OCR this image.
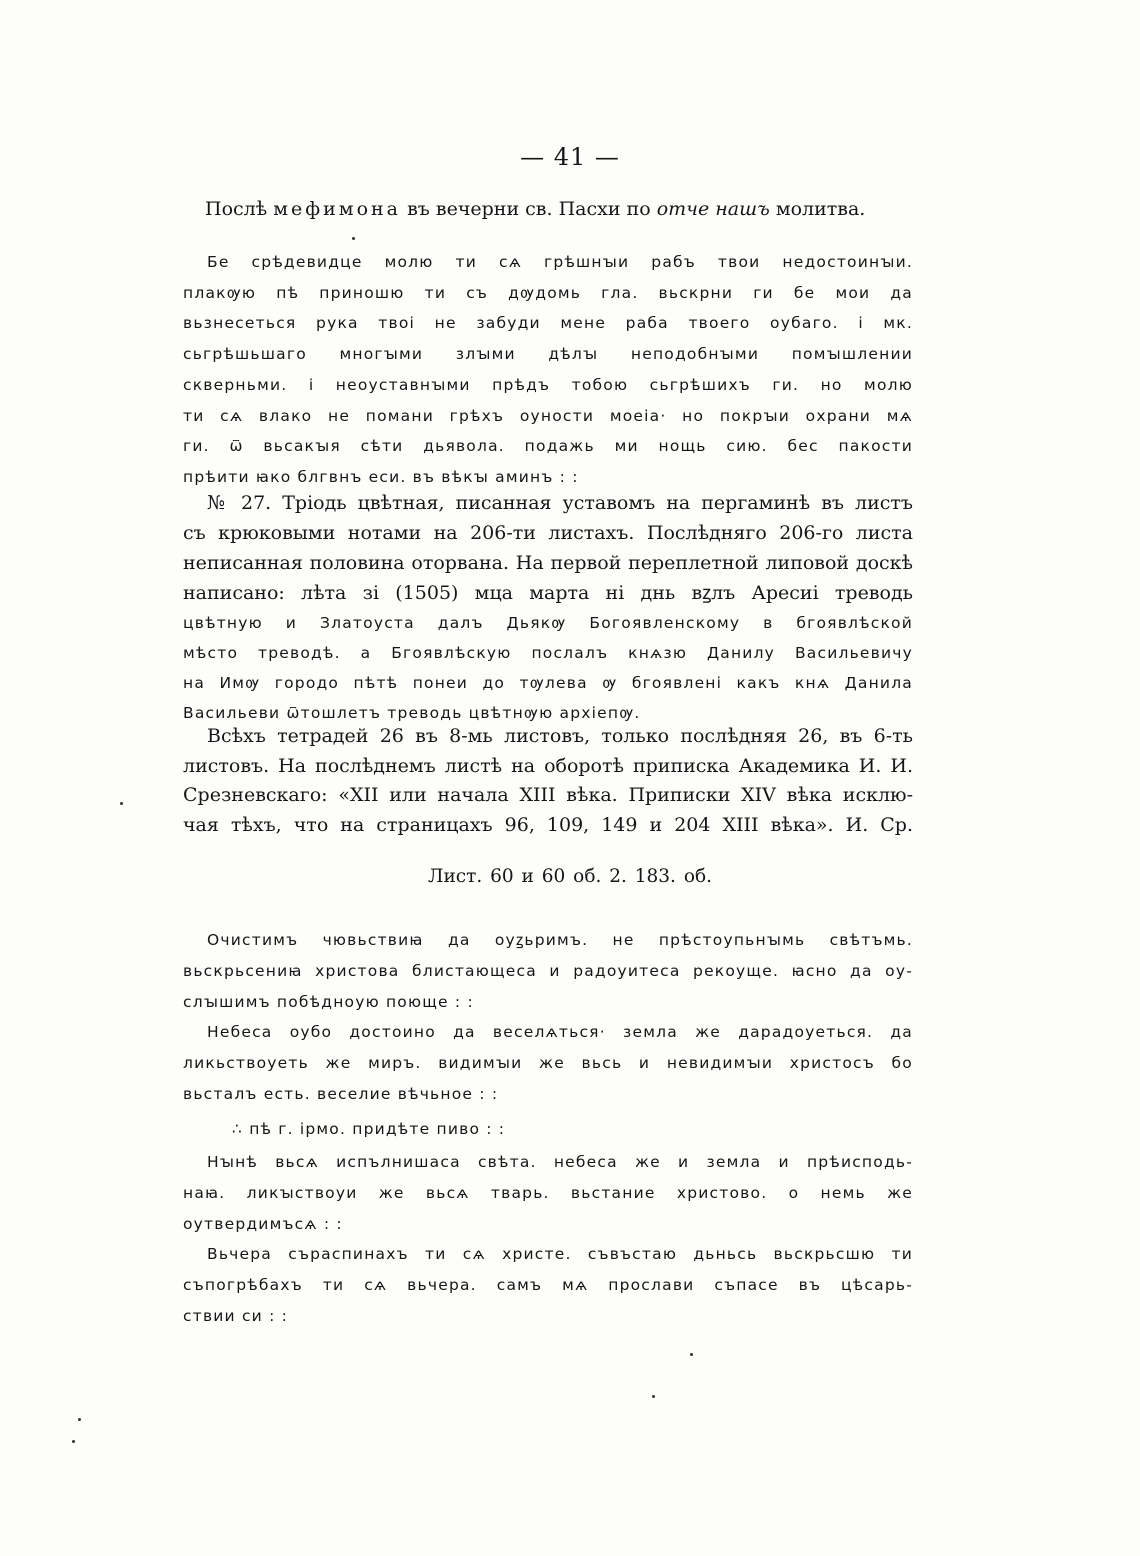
— 41 —
Послѣ мефимона въ вечерни св. Пасхи по отче нашъ молитва.
Бе срѣдевидце молю ти сѧ грѣшнꙑи рабъ твои недостоинꙑи.
плакѹю пѣ приношю ти съ дѹдомь гла. вьскрни ги бе мои да
вьзнесеться рука твоі не забуди мене раба твоего оубаго. і мк.
сьгрѣшьшаго многꙑми злꙑми дѣлꙑ неподобнꙑми помꙑшлении
скверньми. і неоуставнꙑми прѣдъ тобою сьгрѣшихъ ги. но молю
ти сѧ влако не помани грѣхъ оуности моеіа· но покрꙑи охрани мѧ
ги. ѿ вьсакꙑя сѣти дьявола. подажь ми нощь сию. бес пакости
прѣити ꙗко блгвнъ еси. въ вѣкꙑ аминъ : :
№ 27. Тріодь цвѣтная, писанная уставомъ на пергаминѣ въ листъ
съ крюковыми нотами на 206-ти листахъ. Послѣдняго 206-го листа
неписанная половина оторвана. На первой переплетной липовой доскѣ
написано: лѣта зі (1505) мца марта ні днь вꙁлъ Аресиі треводь
цвѣтную и Златоуста далъ Дьякѹ Богоявленскому в бгоявлѣской
мѣсто треводѣ. а Бгоявлѣскую послалъ кнѧзю Данилу Васильевичу
на Имѹ городо пѣтѣ понеи до тѹлева ѹ бгоявлені какъ кнѧ Данила
Васильеви ѿтошлетъ треводь цвѣтнѹю архіепѹ.
Всѣхъ тетрадей 26 въ 8-мь листовъ, только послѣдняя 26, въ 6-ть
листовъ. На послѣднемъ листѣ на оборотѣ приписка Академика И. И.
Срезневскаго: «XII или начала XIII вѣка. Приписки XIV вѣка исклю-
чая тѣхъ, что на страницахъ 96, 109, 149 и 204 XIII вѣка». И. Ср.
Лист. 60 и 60 об. 2. 183. об.
Очистимъ чювьствиꙗ да оуꙁьримъ. не прѣстоупьнꙑмь свѣтъмь.
вьскрьсениꙗ христова блистающеса и радоуитеса рекоуще. ꙗсно да оу-
слꙑшимъ побѣдноую поюще : :
Небеса оубо достоино да веселѧться· земла же дарадоуеться. да
ликьствоуеть же миръ. видимꙑи же вьсь и невидимꙑи христосъ бо
вьсталъ есть. веселие вѣчьное : :
∴ пѣ г. ірмо. придѣте пиво : :
Нꙑнѣ вьсѧ испълнишаса свѣта. небеса же и земла и прѣисподь-
наꙗ. ликꙑствоуи же вьсѧ тварь. вьстание христово. о немь же
оутвердимъсѧ : :
Вьчера съраспинахъ ти сѧ христе. съвъстаю дьньсь вьскрьсшю ти
съпогрѣбахъ ти сѧ вьчера. самъ мѧ прослави съпасе въ цѣсарь-
ствии си : :
